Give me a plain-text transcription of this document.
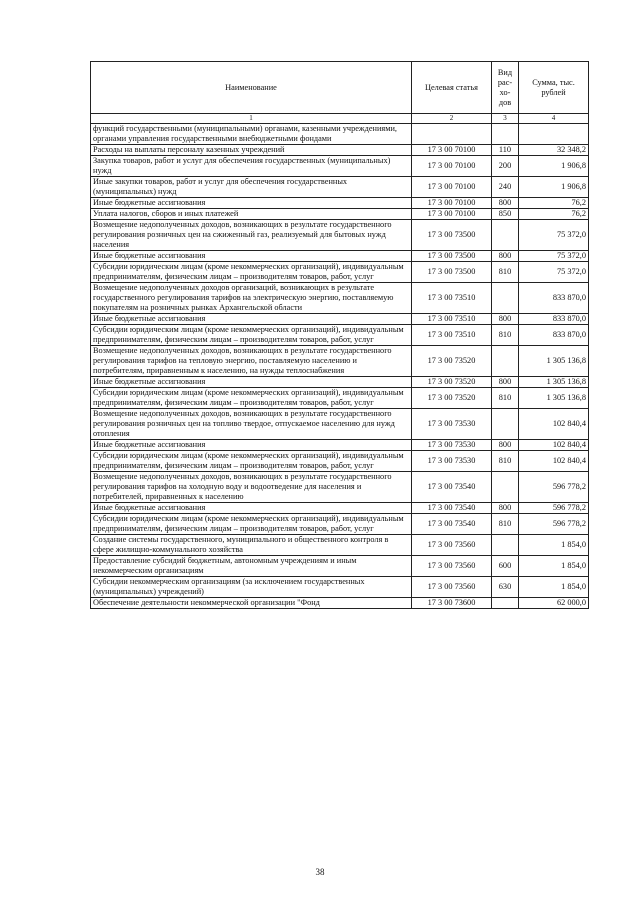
Наименование	Целевая статья	Вид рас-хо-дов	Сумма, тыс. рублей
1	2	3	4
функций государственными (муниципальными) органами, казенными учреждениями, органами управления государственными внебюджетными фондами			
Расходы на выплаты персоналу казенных учреждений	17 3 00 70100	110	32 348,2
Закупка товаров, работ и услуг для обеспечения государственных (муниципальных) нужд	17 3 00 70100	200	1 906,8
Иные закупки товаров, работ и услуг для обеспечения государственных (муниципальных) нужд	17 3 00 70100	240	1 906,8
Иные бюджетные ассигнования	17 3 00 70100	800	76,2
Уплата налогов, сборов и иных платежей	17 3 00 70100	850	76,2
Возмещение недополученных доходов, возникающих в результате государственного регулирования розничных цен на сжиженный газ, реализуемый для бытовых нужд населения	17 3 00 73500		75 372,0
Иные бюджетные ассигнования	17 3 00 73500	800	75 372,0
Субсидии юридическим лицам (кроме некоммерческих организаций), индивидуальным предпринимателям, физическим лицам – производителям товаров, работ, услуг	17 3 00 73500	810	75 372,0
Возмещение недополученных доходов организаций, возникающих в результате государственного регулирования тарифов на электрическую энергию, поставляемую покупателям на розничных рынках Архангельской области	17 3 00 73510		833 870,0
Иные бюджетные ассигнования	17 3 00 73510	800	833 870,0
Субсидии юридическим лицам (кроме некоммерческих организаций), индивидуальным предпринимателям, физическим лицам – производителям товаров, работ, услуг	17 3 00 73510	810	833 870,0
Возмещение недополученных доходов, возникающих в результате государственного регулирования тарифов на тепловую энергию, поставляемую населению и потребителям, приравненным к населению, на нужды теплоснабжения	17 3 00 73520		1 305 136,8
Иные бюджетные ассигнования	17 3 00 73520	800	1 305 136,8
Субсидии юридическим лицам (кроме некоммерческих организаций), индивидуальным предпринимателям, физическим лицам – производителям товаров, работ, услуг	17 3 00 73520	810	1 305 136,8
Возмещение недополученных доходов, возникающих в результате государственного регулирования розничных цен на топливо твердое, отпускаемое населению для нужд отопления	17 3 00 73530		102 840,4
Иные бюджетные ассигнования	17 3 00 73530	800	102 840,4
Субсидии юридическим лицам (кроме некоммерческих организаций), индивидуальным предпринимателям, физическим лицам – производителям товаров, работ, услуг	17 3 00 73530	810	102 840,4
Возмещение недополученных доходов, возникающих в результате государственного регулирования тарифов на холодную воду и водоотведение для населения и потребителей, приравненных к населению	17 3 00 73540		596 778,2
Иные бюджетные ассигнования	17 3 00 73540	800	596 778,2
Субсидии юридическим лицам (кроме некоммерческих организаций), индивидуальным предпринимателям, физическим лицам – производителям товаров, работ, услуг	17 3 00 73540	810	596 778,2
Создание системы государственного, муниципального и общественного контроля в сфере жилищно-коммунального хозяйства	17 3 00 73560		1 854,0
Предоставление субсидий бюджетным, автономным учреждениям и иным некоммерческим организациям	17 3 00 73560	600	1 854,0
Субсидии некоммерческим организациям (за исключением государственных (муниципальных) учреждений)	17 3 00 73560	630	1 854,0
Обеспечение деятельности некоммерческой организации "Фонд	17 3 00 73600		62 000,0
38
